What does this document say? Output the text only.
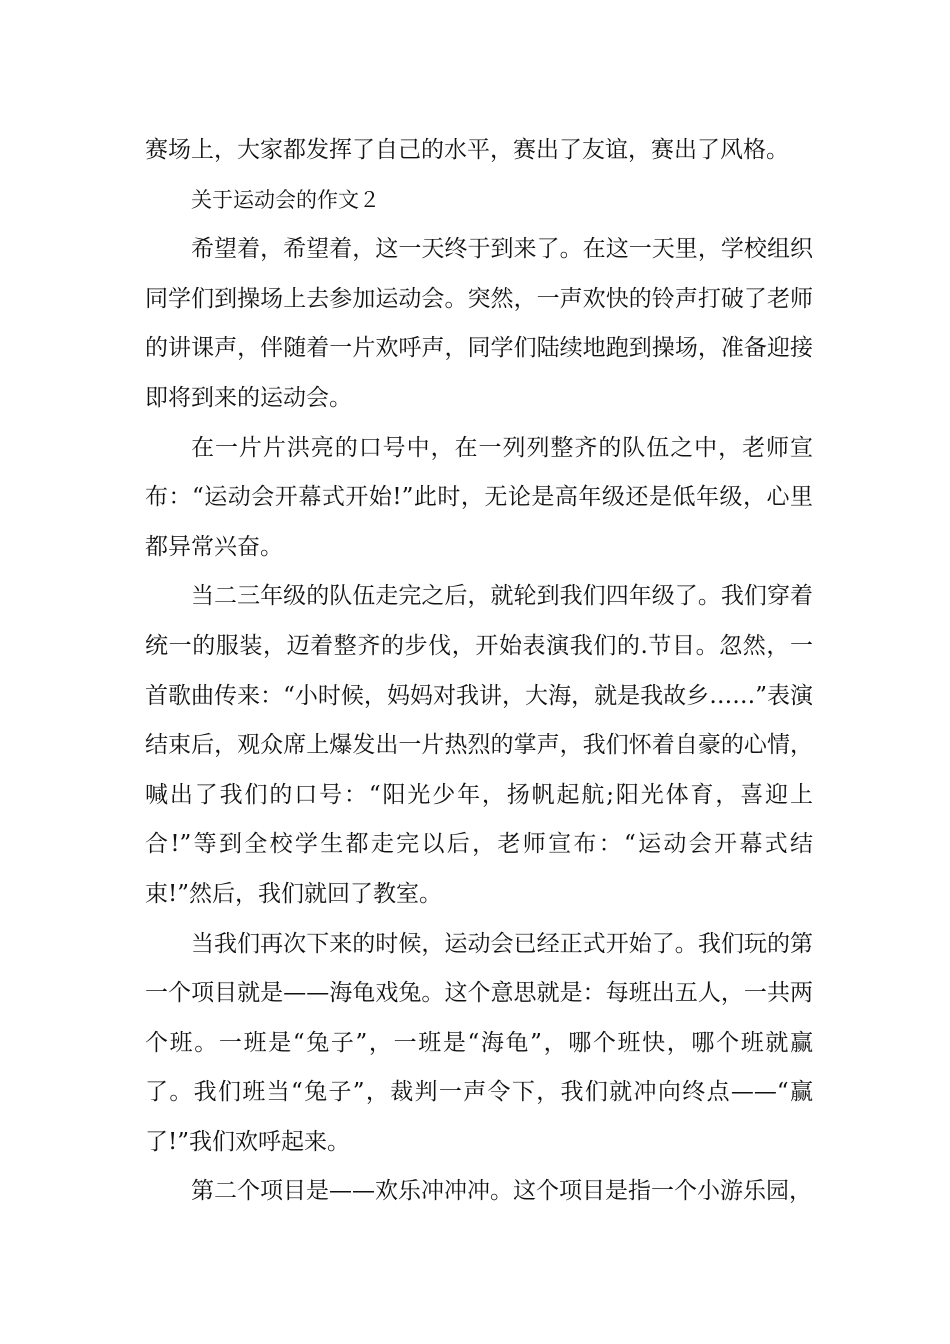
赛场上，大家都发挥了自己的水平，赛出了友谊，赛出了风格。

关于运动会的作文２

希望着，希望着，这一天终于到来了。在这一天里，学校组织同学们到操场上去参加运动会。突然，一声欢快的铃声打破了老师的讲课声，伴随着一片欢呼声，同学们陆续地跑到操场，准备迎接即将到来的运动会。

在一片片洪亮的口号中，在一列列整齐的队伍之中，老师宣布：“运动会开幕式开始!”此时，无论是高年级还是低年级，心里都异常兴奋。

当二三年级的队伍走完之后，就轮到我们四年级了。我们穿着统一的服装，迈着整齐的步伐，开始表演我们的.节目。忽然，一首歌曲传来：“小时候，妈妈对我讲，大海，就是我故乡……”表演结束后，观众席上爆发出一片热烈的掌声，我们怀着自豪的心情，喊出了我们的口号：“阳光少年，扬帆起航;阳光体育，喜迎上合!”等到全校学生都走完以后，老师宣布：“运动会开幕式结束!”然后，我们就回了教室。

当我们再次下来的时候，运动会已经正式开始了。我们玩的第一个项目就是——海龟戏兔。这个意思就是：每班出五人，一共两个班。一班是“兔子”，一班是“海龟”，哪个班快，哪个班就赢了。我们班当“兔子”，裁判一声令下，我们就冲向终点——“赢了!”我们欢呼起来。

第二个项目是——欢乐冲冲冲。这个项目是指一个小游乐园，
